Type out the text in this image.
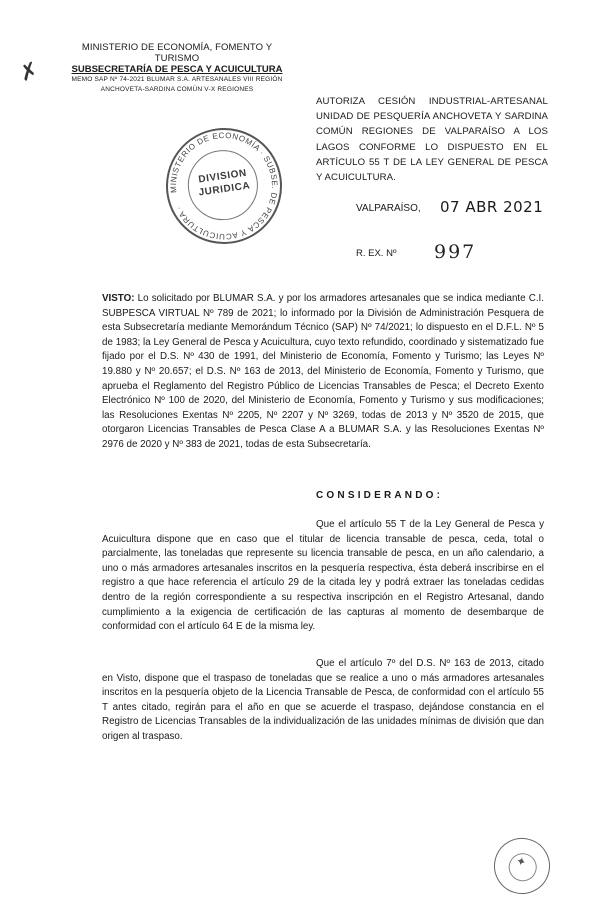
MINISTERIO DE ECONOMÍA, FOMENTO Y TURISMO
SUBSECRETARÍA DE PESCA Y ACUICULTURA
MEMO SAP Nº 74-2021 BLUMAR S.A. ARTESANALES VIII REGIÓN
ANCHOVETA-SARDINA COMÚN V-X REGIONES
✗
AUTORIZA CESIÓN INDUSTRIAL-ARTESANAL UNIDAD DE PESQUERÍA ANCHOVETA Y SARDINA COMÚN REGIONES DE VALPARAÍSO A LOS LAGOS CONFORME LO DISPUESTO EN EL ARTÍCULO 55 T DE LA LEY GENERAL DE PESCA Y ACUICULTURA.
MINISTERIO DE ECONOMÍA · SUBSE. DE PESCA Y ACUICULTURA ·
DIVISION
JURIDICA
VALPARAÍSO, 07 ABR 2021
R. EX. Nº 997
VISTO: Lo solicitado por BLUMAR S.A. y por los armadores artesanales que se indica mediante C.I. SUBPESCA VIRTUAL Nº 789 de 2021; lo informado por la División de Administración Pesquera de esta Subsecretaría mediante Memorándum Técnico (SAP) Nº 74/2021; lo dispuesto en el D.F.L. Nº 5 de 1983; la Ley General de Pesca y Acuicultura, cuyo texto refundido, coordinado y sistematizado fue fijado por el D.S. Nº 430 de 1991, del Ministerio de Economía, Fomento y Turismo; las Leyes Nº 19.880 y Nº 20.657; el D.S. Nº 163 de 2013, del Ministerio de Economía, Fomento y Turismo, que aprueba el Reglamento del Registro Público de Licencias Transables de Pesca; el Decreto Exento Electrónico Nº 100 de 2020, del Ministerio de Economía, Fomento y Turismo y sus modificaciones; las Resoluciones Exentas Nº 2205, Nº 2207 y Nº 3269, todas de 2013 y Nº 3520 de 2015, que otorgaron Licencias Transables de Pesca Clase A a BLUMAR S.A. y las Resoluciones Exentas Nº 2976 de 2020 y Nº 383 de 2021, todas de esta Subsecretaría.
CONSIDERANDO:
Que el artículo 55 T de la Ley General de Pesca y Acuicultura dispone que en caso que el titular de licencia transable de pesca, ceda, total o parcialmente, las toneladas que represente su licencia transable de pesca, en un año calendario, a uno o más armadores artesanales inscritos en la pesquería respectiva, ésta deberá inscribirse en el registro a que hace referencia el artículo 29 de la citada ley y podrá extraer las toneladas cedidas dentro de la región correspondiente a su respectiva inscripción en el Registro Artesanal, dando cumplimiento a la exigencia de certificación de las capturas al momento de desembarque de conformidad con el artículo 64 E de la misma ley.
Que el artículo 7º del D.S. Nº 163 de 2013, citado en Visto, dispone que el traspaso de toneladas que se realice a uno o más armadores artesanales inscritos en la pesquería objeto de la Licencia Transable de Pesca, de conformidad con el artículo 55 T antes citado, regirán para el año en que se acuerde el traspaso, dejándose constancia en el Registro de Licencias Transables de la individualización de las unidades mínimas de división que dan origen al traspaso.
✦
